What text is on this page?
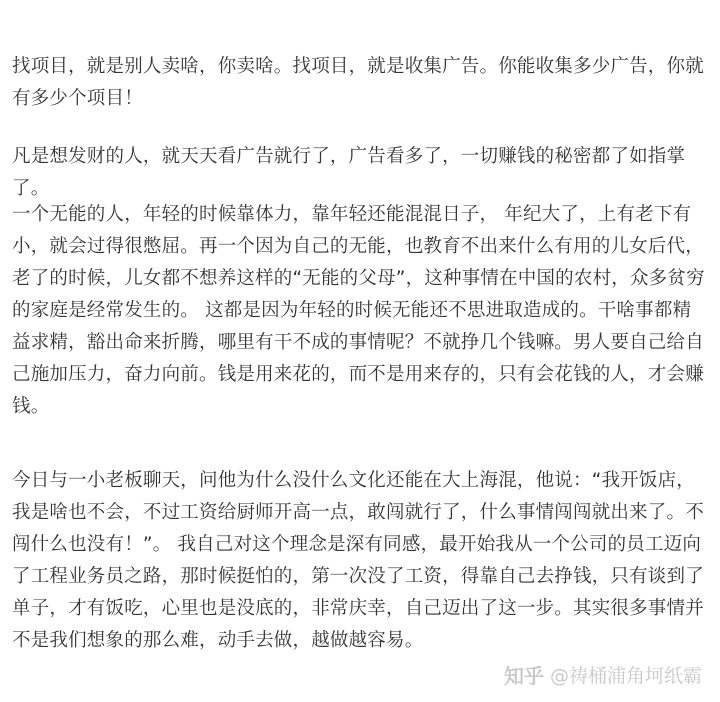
找项目，就是别人卖啥，你卖啥。找项目，就是收集广告。你能收集多少广告，你就有多少个项目！

凡是想发财的人，就天天看广告就行了，广告看多了，一切赚钱的秘密都了如指掌了。

一个无能的人，年轻的时候靠体力，靠年轻还能混混日子， 年纪大了，上有老下有小，就会过得很憋屈。再一个因为自己的无能，也教育不出来什么有用的儿女后代，老了的时候，儿女都不想养这样的“无能的父母”，这种事情在中国的农村，众多贫穷的家庭是经常发生的。 这都是因为年轻的时候无能还不思进取造成的。干啥事都精益求精，豁出命来折腾，哪里有干不成的事情呢？不就挣几个钱嘛。男人要自己给自己施加压力，奋力向前。钱是用来花的，而不是用来存的，只有会花钱的人，才会赚钱。

今日与一小老板聊天，问他为什么没什么文化还能在大上海混，他说：“我开饭店，我是啥也不会，不过工资给厨师开高一点，敢闯就行了，什么事情闯闯就出来了。不闯什么也没有！”。 我自己对这个理念是深有同感，最开始我从一个公司的员工迈向了工程业务员之路，那时候挺怕的，第一次没了工资，得靠自己去挣钱，只有谈到了单子，才有饭吃，心里也是没底的，非常庆幸，自己迈出了这一步。其实很多事情并不是我们想象的那么难，动手去做，越做越容易。

知乎 @祷桶浦角坷纸霸
